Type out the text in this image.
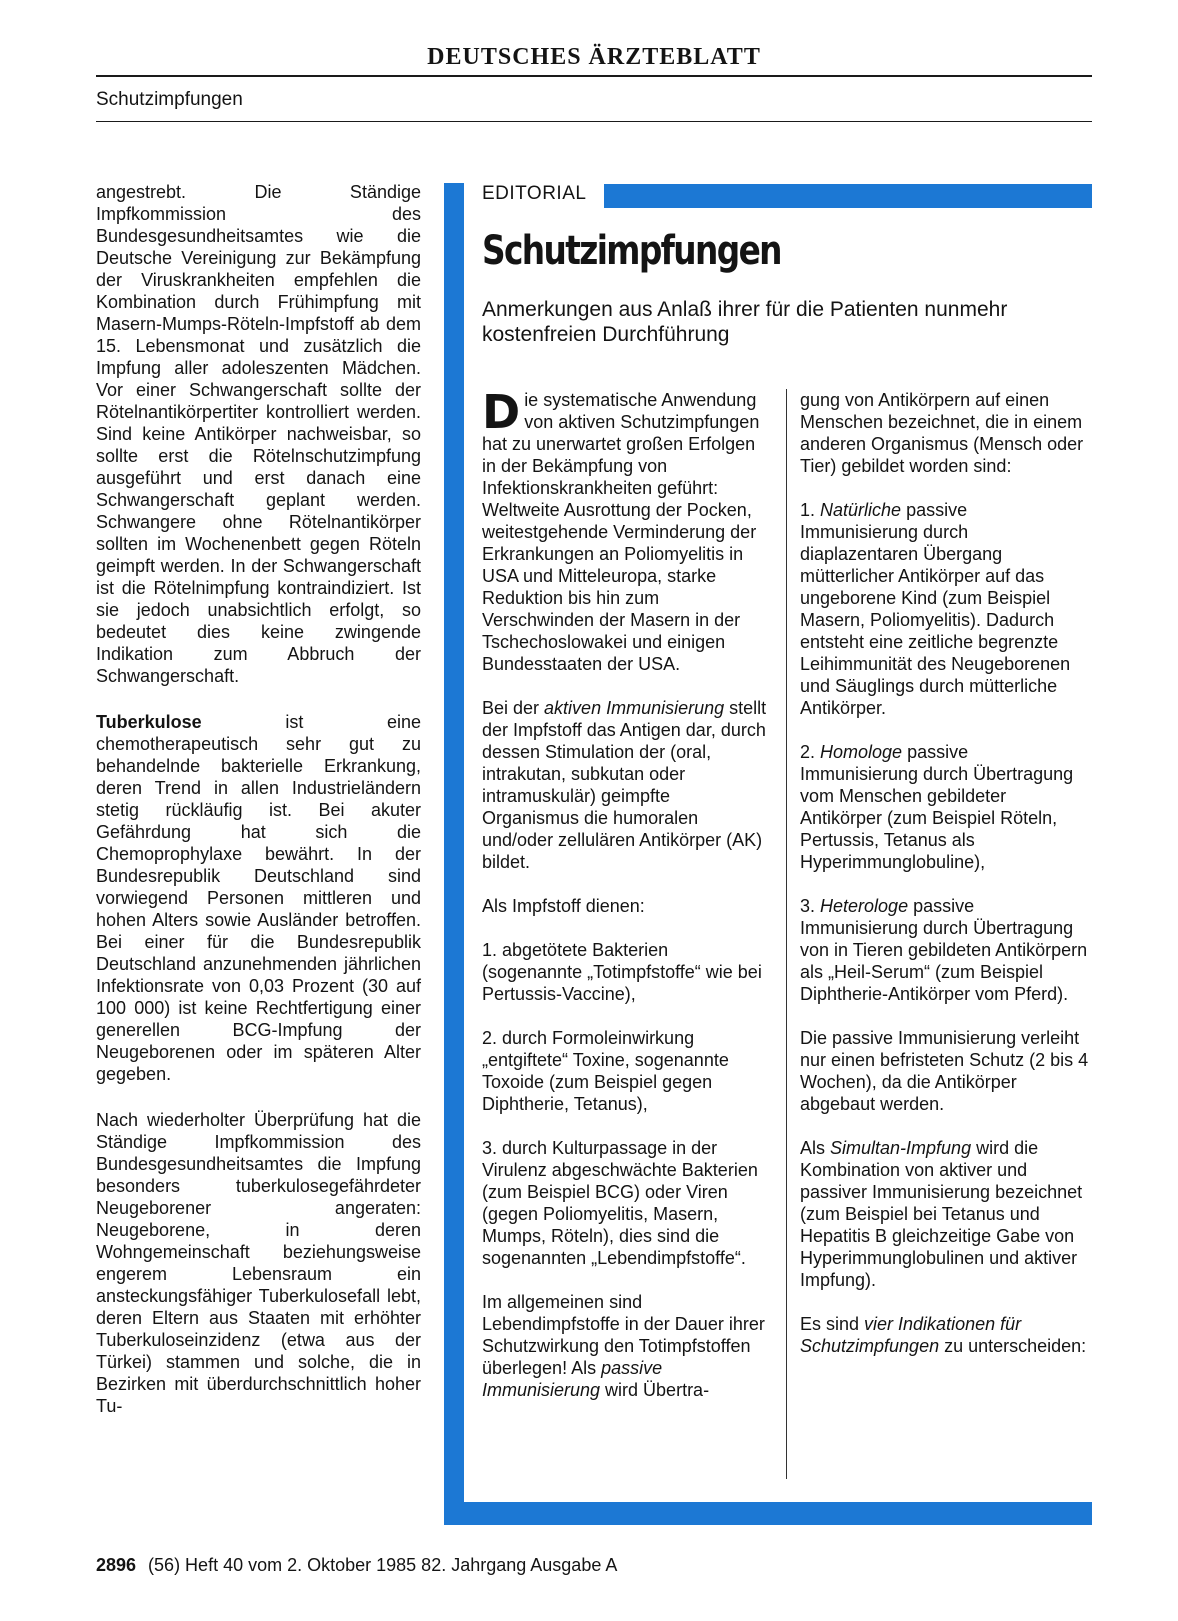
DEUTSCHES ÄRZTEBLATT
Schutzimpfungen

angestrebt. Die Ständige Impfkommission des Bundesgesundheitsamtes wie die Deutsche Vereinigung zur Bekämpfung der Viruskrankheiten empfehlen die Kombination durch Frühimpfung mit Masern-Mumps-Röteln-Impfstoff ab dem 15. Lebensmonat und zusätzlich die Impfung aller adoleszenten Mädchen. Vor einer Schwangerschaft sollte der Rötelnantikörpertiter kontrolliert werden. Sind keine Antikörper nachweisbar, so sollte erst die Rötelnschutzimpfung ausgeführt und erst danach eine Schwangerschaft geplant werden. Schwangere ohne Rötelnantikörper sollten im Wochenenbett gegen Röteln geimpft werden. In der Schwangerschaft ist die Rötelnimpfung kontraindiziert. Ist sie jedoch unabsichtlich erfolgt, so bedeutet dies keine zwingende Indikation zum Abbruch der Schwangerschaft.

Tuberkulose ist eine chemotherapeutisch sehr gut zu behandelnde bakterielle Erkrankung, deren Trend in allen Industrieländern stetig rückläufig ist. Bei akuter Gefährdung hat sich die Chemoprophylaxe bewährt. In der Bundesrepublik Deutschland sind vorwiegend Personen mittleren und hohen Alters sowie Ausländer betroffen. Bei einer für die Bundesrepublik Deutschland anzunehmenden jährlichen Infektionsrate von 0,03 Prozent (30 auf 100 000) ist keine Rechtfertigung einer generellen BCG-Impfung der Neugeborenen oder im späteren Alter gegeben.

Nach wiederholter Überprüfung hat die Ständige Impfkommission des Bundesgesundheitsamtes die Impfung besonders tuberkulosegefährdeter Neugeborener angeraten: Neugeborene, in deren Wohngemeinschaft beziehungsweise engerem Lebensraum ein ansteckungsfähiger Tuberkulosefall lebt, deren Eltern aus Staaten mit erhöhter Tuberkuloseinzidenz (etwa aus der Türkei) stammen und solche, die in Bezirken mit überdurchschnittlich hoher Tu-

EDITORIAL
Schutzimpfungen
Anmerkungen aus Anlaß ihrer für die Patienten nunmehr kostenfreien Durchführung

Die systematische Anwendung von aktiven Schutzimpfungen hat zu unerwartet großen Erfolgen in der Bekämpfung von Infektionskrankheiten geführt: Weltweite Ausrottung der Pocken, weitestgehende Verminderung der Erkrankungen an Poliomyelitis in USA und Mitteleuropa, starke Reduktion bis hin zum Verschwinden der Masern in der Tschechoslowakei und einigen Bundesstaaten der USA.

Bei der aktiven Immunisierung stellt der Impfstoff das Antigen dar, durch dessen Stimulation der (oral, intrakutan, subkutan oder intramuskulär) geimpfte Organismus die humoralen und/oder zellulären Antikörper (AK) bildet.

Als Impfstoff dienen:

1. abgetötete Bakterien (sogenannte „Totimpfstoffe“ wie bei Pertussis-Vaccine),

2. durch Formoleinwirkung „entgiftete“ Toxine, sogenannte Toxoide (zum Beispiel gegen Diphtherie, Tetanus),

3. durch Kulturpassage in der Virulenz abgeschwächte Bakterien (zum Beispiel BCG) oder Viren (gegen Poliomyelitis, Masern, Mumps, Röteln), dies sind die sogenannten „Lebendimpfstoffe“.

Im allgemeinen sind Lebendimpfstoffe in der Dauer ihrer Schutzwirkung den Totimpfstoffen überlegen! Als passive Immunisierung wird Übertra-

gung von Antikörpern auf einen Menschen bezeichnet, die in einem anderen Organismus (Mensch oder Tier) gebildet worden sind:

1. Natürliche passive Immunisierung durch diaplazentaren Übergang mütterlicher Antikörper auf das ungeborene Kind (zum Beispiel Masern, Poliomyelitis). Dadurch entsteht eine zeitliche begrenzte Leihimmunität des Neugeborenen und Säuglings durch mütterliche Antikörper.

2. Homologe passive Immunisierung durch Übertragung vom Menschen gebildeter Antikörper (zum Beispiel Röteln, Pertussis, Tetanus als Hyperimmunglobuline),

3. Heterologe passive Immunisierung durch Übertragung von in Tieren gebildeten Antikörpern als „Heil-Serum“ (zum Beispiel Diphtherie-Antikörper vom Pferd).

Die passive Immunisierung verleiht nur einen befristeten Schutz (2 bis 4 Wochen), da die Antikörper abgebaut werden.

Als Simultan-Impfung wird die Kombination von aktiver und passiver Immunisierung bezeichnet (zum Beispiel bei Tetanus und Hepatitis B gleichzeitige Gabe von Hyperimmunglobulinen und aktiver Impfung).

Es sind vier Indikationen für Schutzimpfungen zu unterscheiden:

2896 (56) Heft 40 vom 2. Oktober 1985 82. Jahrgang Ausgabe A
